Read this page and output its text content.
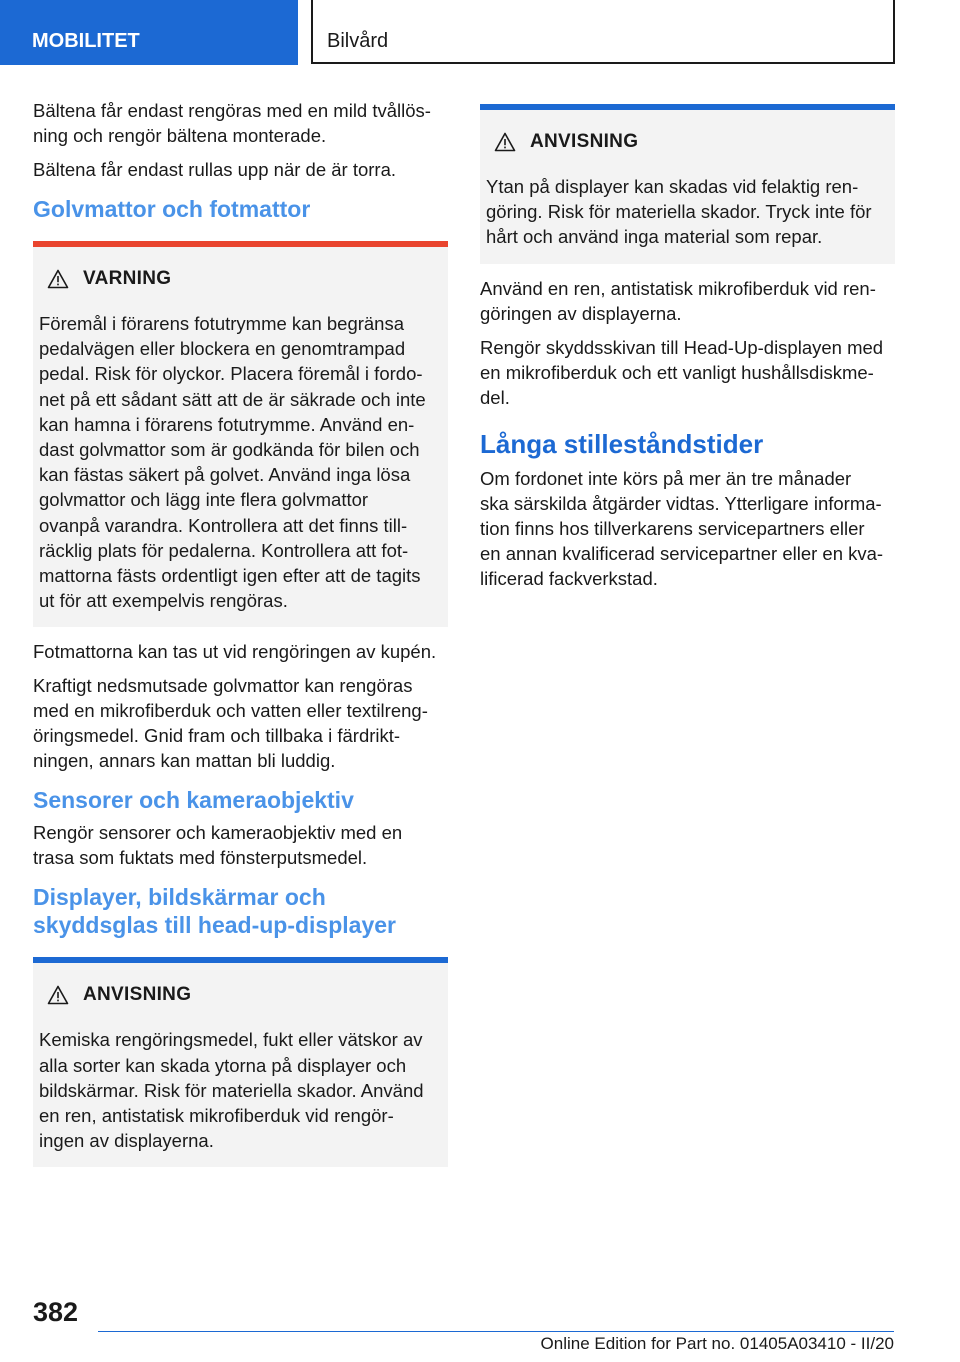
MOBILITET	Bilvård

Bältena får endast rengöras med en mild tvållös-
ning och rengör bältena monterade.

Bältena får endast rullas upp när de är torra.

Golvmattor och fotmattor
VARNING

Föremål i förarens fotutrymme kan begränsa
pedalvägen eller blockera en genomtrampad
pedal. Risk för olyckor. Placera föremål i fordo-
net på ett sådant sätt att de är säkrade och inte
kan hamna i förarens fotutrymme. Använd en-
dast golvmattor som är godkända för bilen och
kan fästas säkert på golvet. Använd inga lösa
golvmattor och lägg inte flera golvmattor
ovanpå varandra. Kontrollera att det finns till-
räcklig plats för pedalerna. Kontrollera att fot-
mattorna fästs ordentligt igen efter att de tagits
ut för att exempelvis rengöras.

Fotmattorna kan tas ut vid rengöringen av kupén.

Kraftigt nedsmutsade golvmattor kan rengöras
med en mikrofiberduk och vatten eller textilreng-
öringsmedel. Gnid fram och tillbaka i färdrikt-
ningen, annars kan mattan bli luddig.

Sensorer och kameraobjektiv

Rengör sensorer och kameraobjektiv med en
trasa som fuktats med fönsterputsmedel.

Displayer, bildskärmar och
skyddsglas till head-up-displayer
ANVISNING

Kemiska rengöringsmedel, fukt eller vätskor av
alla sorter kan skada ytorna på displayer och
bildskärmar. Risk för materiella skador. Använd
en ren, antistatisk mikrofiberduk vid rengör-
ingen av displayerna.

ANVISNING

Ytan på displayer kan skadas vid felaktig ren-
göring. Risk för materiella skador. Tryck inte för
hårt och använd inga material som repar.

Använd en ren, antistatisk mikrofiberduk vid ren-
göringen av displayerna.

Rengör skyddsskivan till Head-Up-displayen med
en mikrofiberduk och ett vanligt hushållsdiskme-
del.

Långa stilleståndstider

Om fordonet inte körs på mer än tre månader
ska särskilda åtgärder vidtas. Ytterligare informa-
tion finns hos tillverkarens servicepartners eller
en annan kvalificerad servicepartner eller en kva-
lificerad fackverkstad.

382
Online Edition for Part no. 01405A03410 - II/20
